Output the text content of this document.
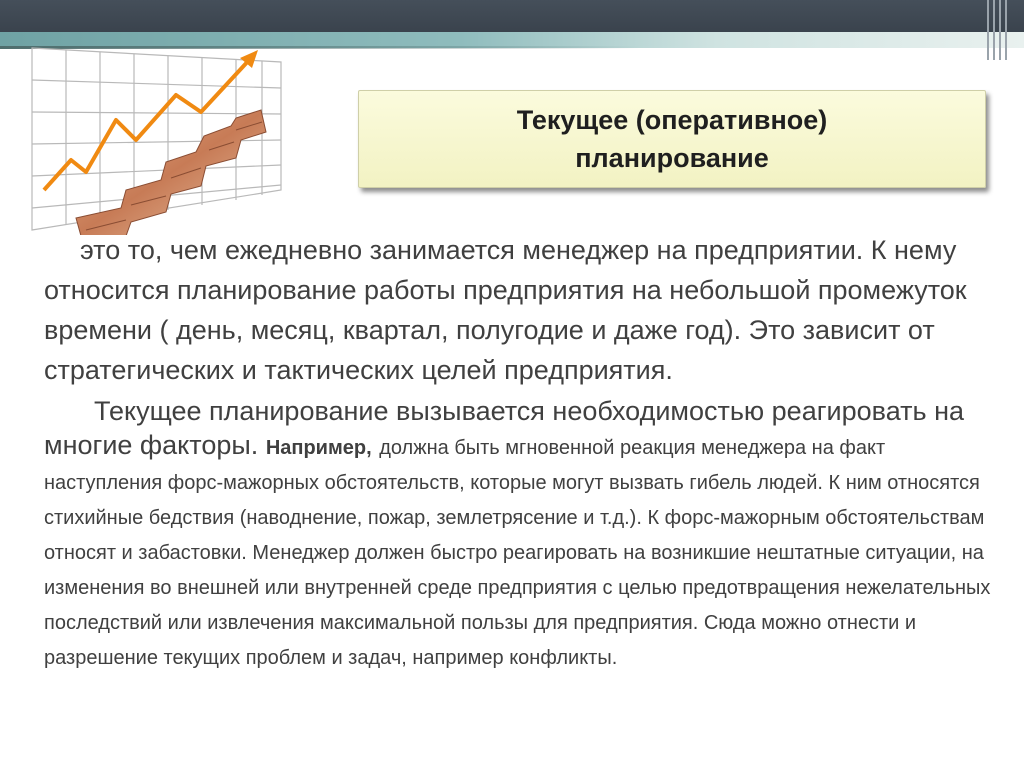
Текущее (оперативное)
планирование

это то, чем ежедневно занимается менеджер на предприятии. К нему относится планирование работы предприятия на небольшой промежуток времени ( день, месяц, квартал, полугодие и даже год). Это зависит от стратегических и тактических целей предприятия.

Текущее планирование вызывается необходимостью реагировать на многие факторы. Например, должна быть мгновенной реакция менеджера на факт наступления форс-мажорных обстоятельств, которые могут вызвать гибель людей. К ним относятся стихийные бедствия (наводнение, пожар, землетрясение и т.д.). К форс-мажорным обстоятельствам относят и забастовки. Менеджер должен быстро реагировать на возникшие нештатные ситуации, на изменения во внешней или внутренней среде предприятия с целью предотвращения нежелательных последствий или извлечения максимальной пользы для предприятия. Сюда можно отнести и разрешение текущих проблем и задач, например конфликты.
